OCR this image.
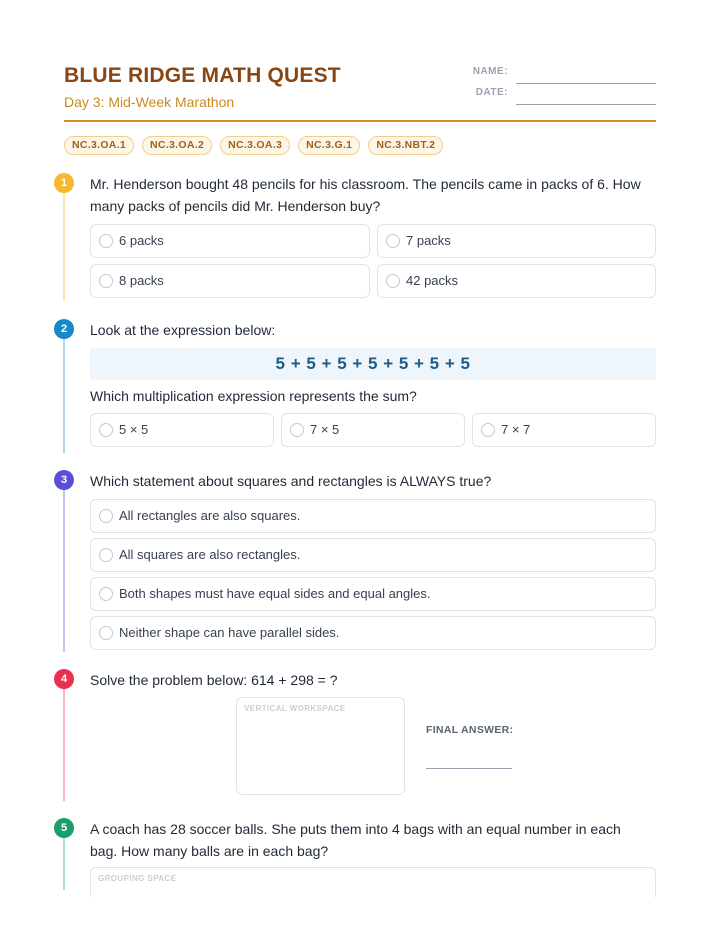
BLUE RIDGE MATH QUEST
Day 3: Mid-Week Marathon
NAME:
DATE:
NC.3.OA.1	NC.3.OA.2	NC.3.OA.3	NC.3.G.1	NC.3.NBT.2
1	Mr. Henderson bought 48 pencils for his classroom. The pencils came in packs of 6. How many packs of pencils did Mr. Henderson buy?
6 packs	7 packs
8 packs	42 packs
2	Look at the expression below:
5 + 5 + 5 + 5 + 5 + 5 + 5
Which multiplication expression represents the sum?
5 × 5	7 × 5	7 × 7
3	Which statement about squares and rectangles is ALWAYS true?
All rectangles are also squares.
All squares are also rectangles.
Both shapes must have equal sides and equal angles.
Neither shape can have parallel sides.
4	Solve the problem below: 614 + 298 = ?
VERTICAL WORKSPACE
FINAL ANSWER:
5	A coach has 28 soccer balls. She puts them into 4 bags with an equal number in each bag. How many balls are in each bag?
GROUPING SPACE
